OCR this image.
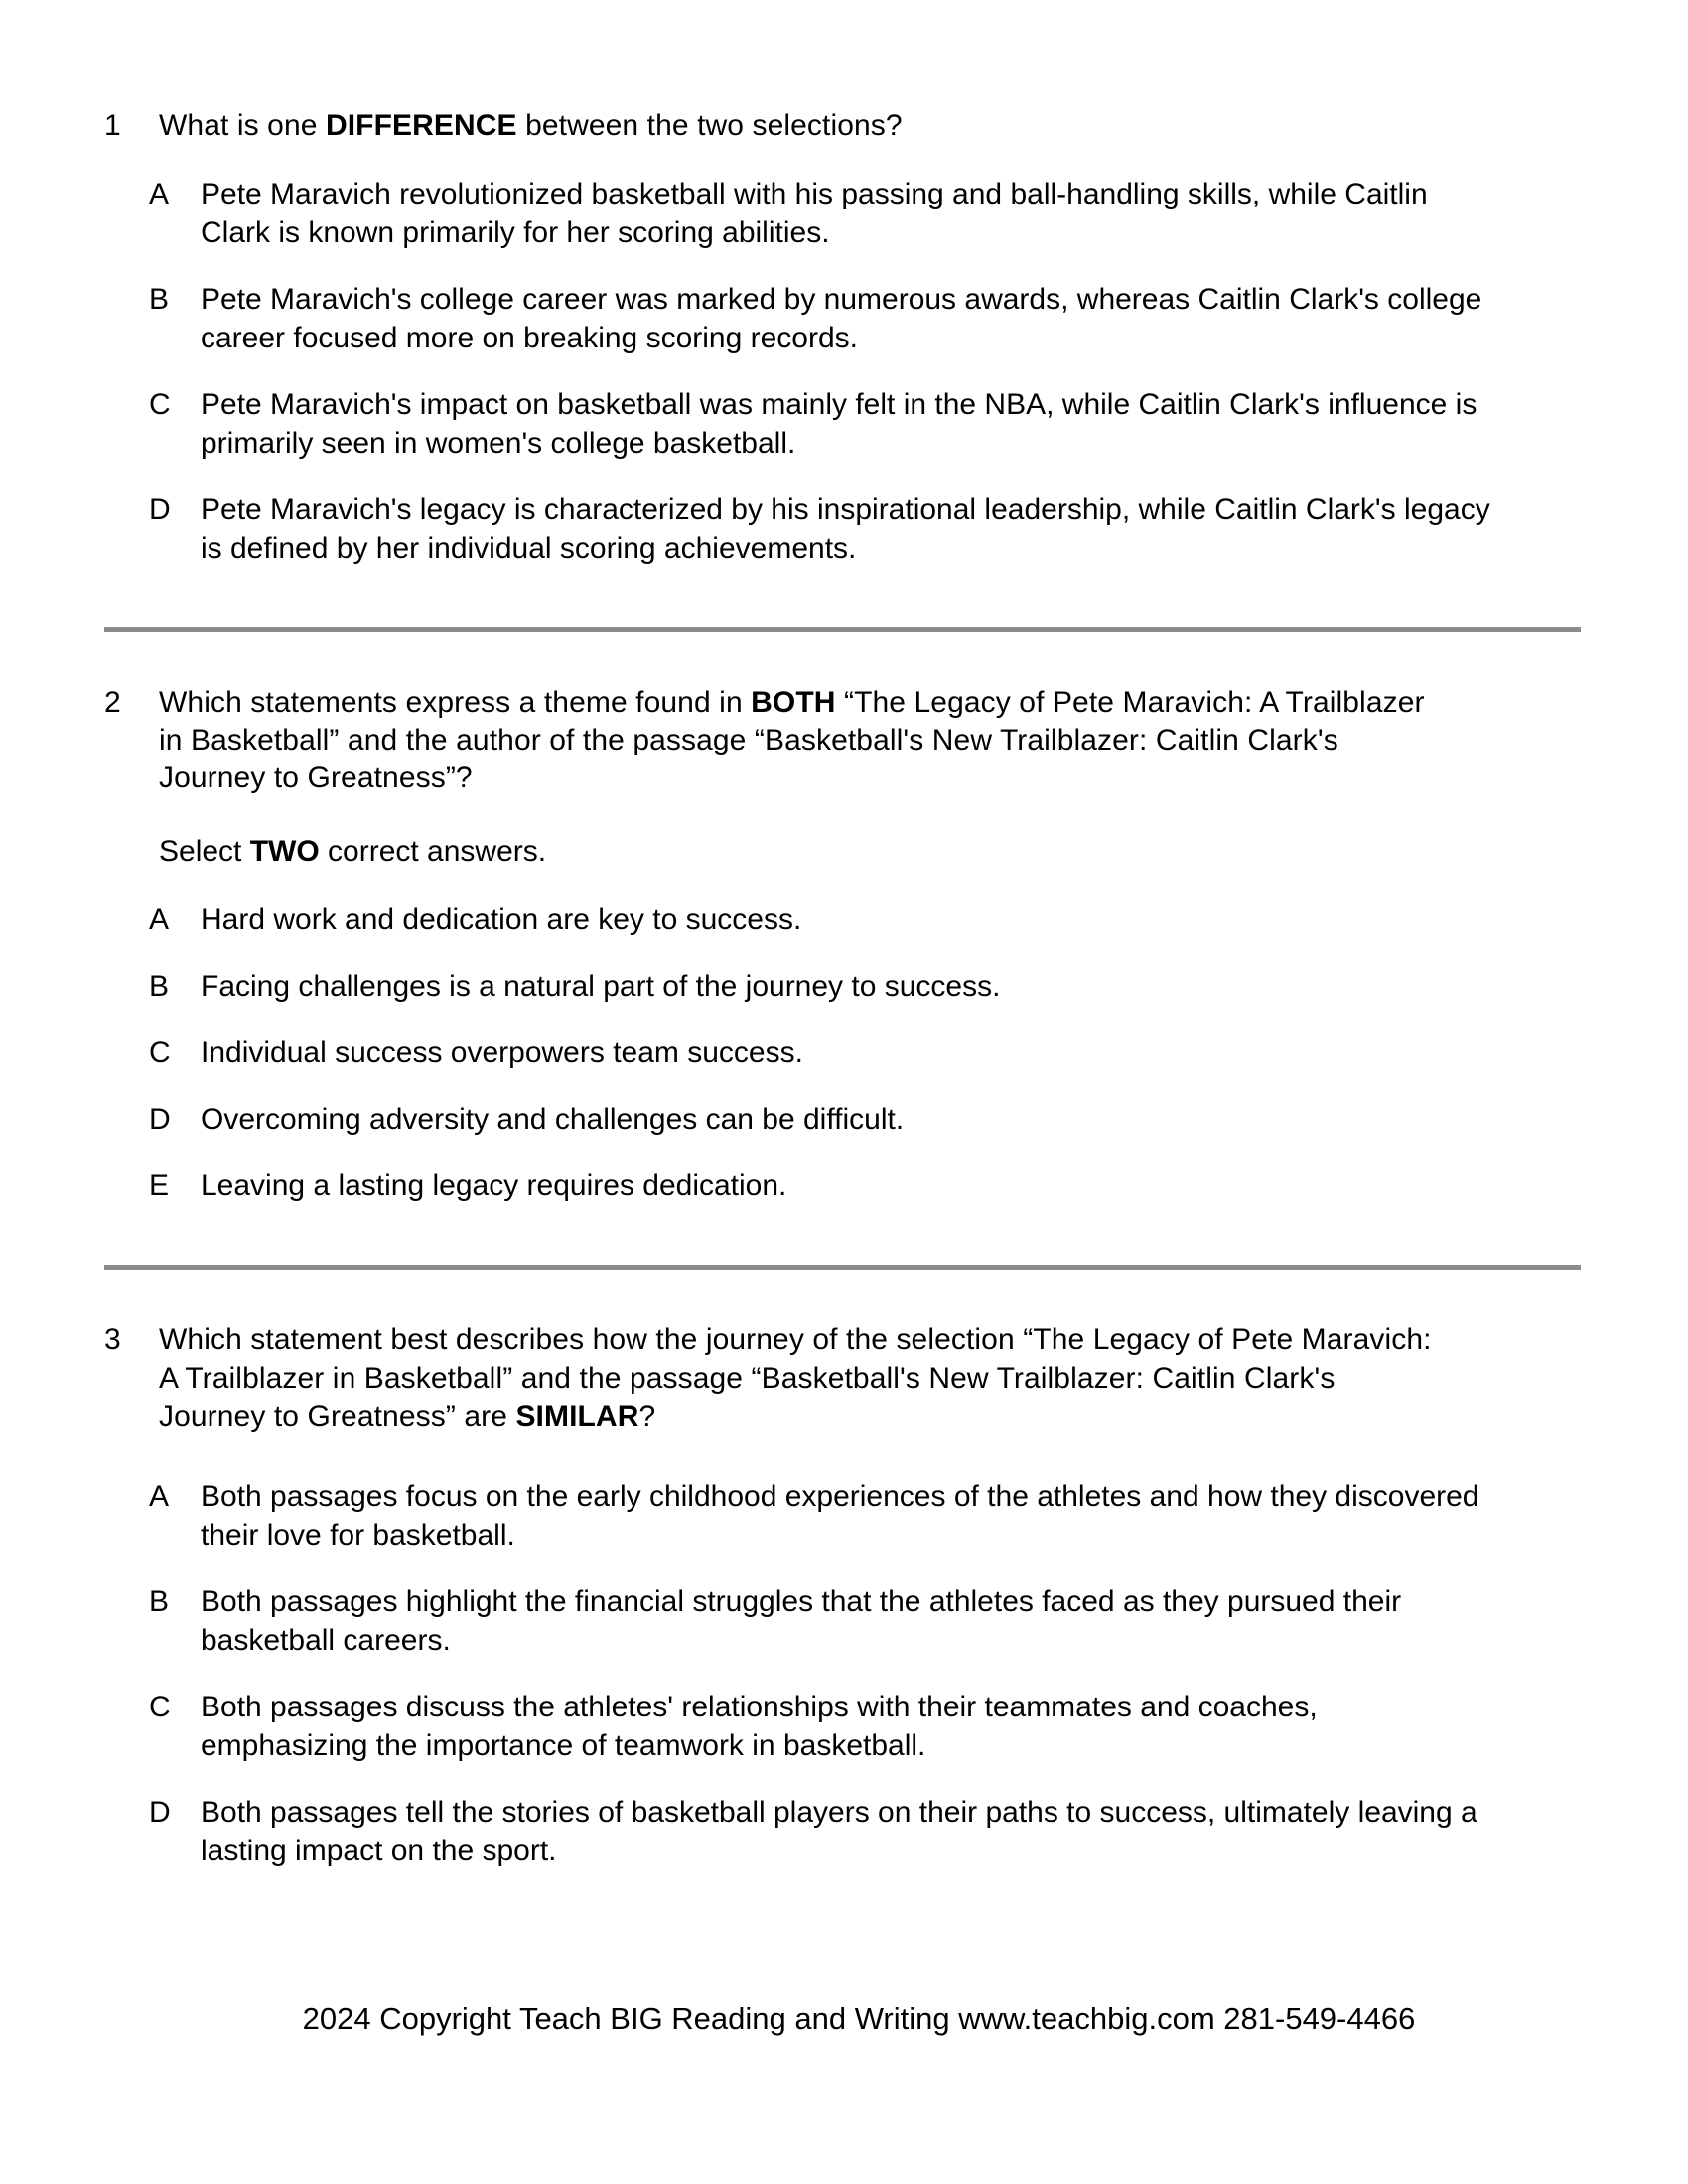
1	What is one DIFFERENCE between the two selections?
A	Pete Maravich revolutionized basketball with his passing and ball-handling skills, while Caitlin Clark is known primarily for her scoring abilities.
B	Pete Maravich's college career was marked by numerous awards, whereas Caitlin Clark's college career focused more on breaking scoring records.
C	Pete Maravich's impact on basketball was mainly felt in the NBA, while Caitlin Clark's influence is primarily seen in women's college basketball.
D	Pete Maravich's legacy is characterized by his inspirational leadership, while Caitlin Clark's legacy is defined by her individual scoring achievements.
2	Which statements express a theme found in BOTH “The Legacy of Pete Maravich: A Trailblazer in Basketball” and the author of the passage “Basketball's New Trailblazer: Caitlin Clark's Journey to Greatness”?
Select TWO correct answers.
A	Hard work and dedication are key to success.
B	Facing challenges is a natural part of the journey to success.
C	Individual success overpowers team success.
D	Overcoming adversity and challenges can be difficult.
E	Leaving a lasting legacy requires dedication.
3	Which statement best describes how the journey of the selection “The Legacy of Pete Maravich: A Trailblazer in Basketball” and the passage “Basketball's New Trailblazer: Caitlin Clark's Journey to Greatness” are SIMILAR?
A	Both passages focus on the early childhood experiences of the athletes and how they discovered their love for basketball.
B	Both passages highlight the financial struggles that the athletes faced as they pursued their basketball careers.
C	Both passages discuss the athletes' relationships with their teammates and coaches, emphasizing the importance of teamwork in basketball.
D	Both passages tell the stories of basketball players on their paths to success, ultimately leaving a lasting impact on the sport.
2024 Copyright Teach BIG Reading and Writing www.teachbig.com 281-549-4466
